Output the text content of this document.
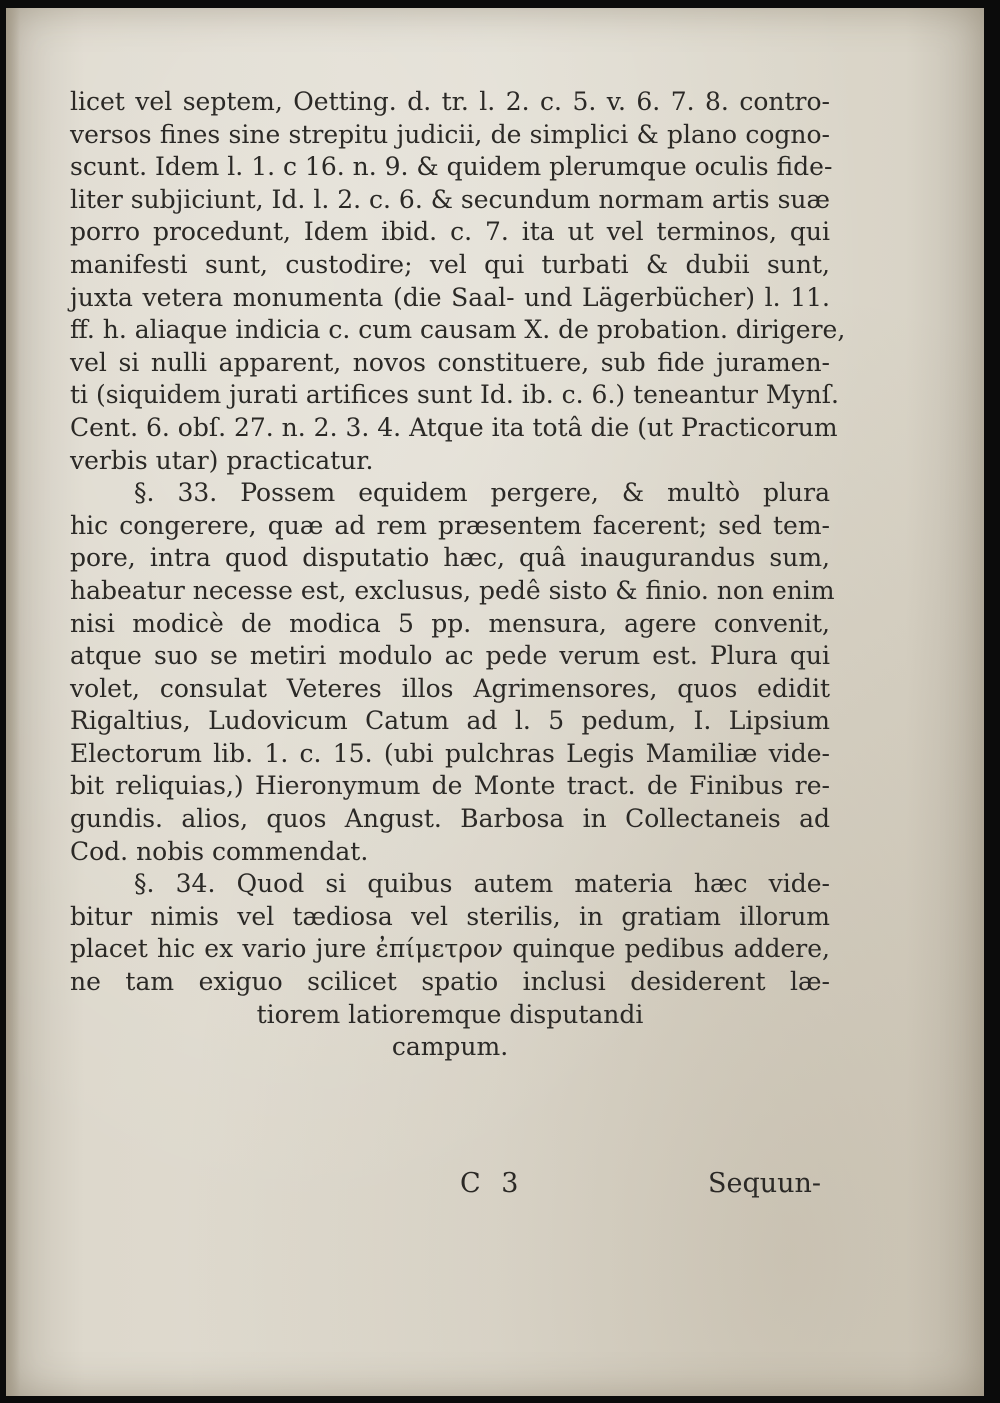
licet vel septem, Oetting. d. tr. l. 2. c. 5. v. 6. 7. 8. contro-
versos fines sine strepitu judicii, de simplici & plano cogno-
scunt. Idem l. 1. c 16. n. 9. & quidem plerumque oculis fide-
liter subjiciunt, Id. l. 2. c. 6. & secundum normam artis suæ
porro procedunt, Idem ibid. c. 7. ita ut vel terminos, qui
manifesti sunt, custodire; vel qui turbati & dubii sunt,
juxta vetera monumenta (die Saal- und Lägerbücher) l. 11.
ff. h. aliaque indicia c. cum causam X. de probation. dirigere,
vel si nulli apparent, novos constituere, sub fide juramen-
ti (siquidem jurati artifices sunt Id. ib. c. 6.) teneantur Mynſ.
Cent. 6. obſ. 27. n. 2. 3. 4. Atque ita totâ die (ut Practicorum
verbis utar) practicatur.
§. 33. Possem equidem pergere, & multò plura
hic congerere, quæ ad rem præsentem facerent; sed tem-
pore, intra quod disputatio hæc, quâ inaugurandus sum,
habeatur necesse est, exclusus, pedê sisto & finio. non enim
nisi modicè de modica 5 pp. mensura, agere convenit,
atque suo se metiri modulo ac pede verum est. Plura qui
volet, consulat Veteres illos Agrimensores, quos edidit
Rigaltius, Ludovicum Catum ad l. 5 pedum, I. Lipsium
Electorum lib. 1. c. 15. (ubi pulchras Legis Mamiliæ vide-
bit reliquias,) Hieronymum de Monte tract. de Finibus re-
gundis. alios, quos Angust. Barbosa in Collectaneis ad
Cod. nobis commendat.
§. 34. Quod si quibus autem materia hæc vide-
bitur nimis vel tædiosa vel sterilis, in gratiam illorum
placet hic ex vario jure ἐπίμετρον quinque pedibus addere,
ne tam exiguo scilicet spatio inclusi desiderent læ-
tiorem latioremque disputandi
campum.
C 3	Sequun-
